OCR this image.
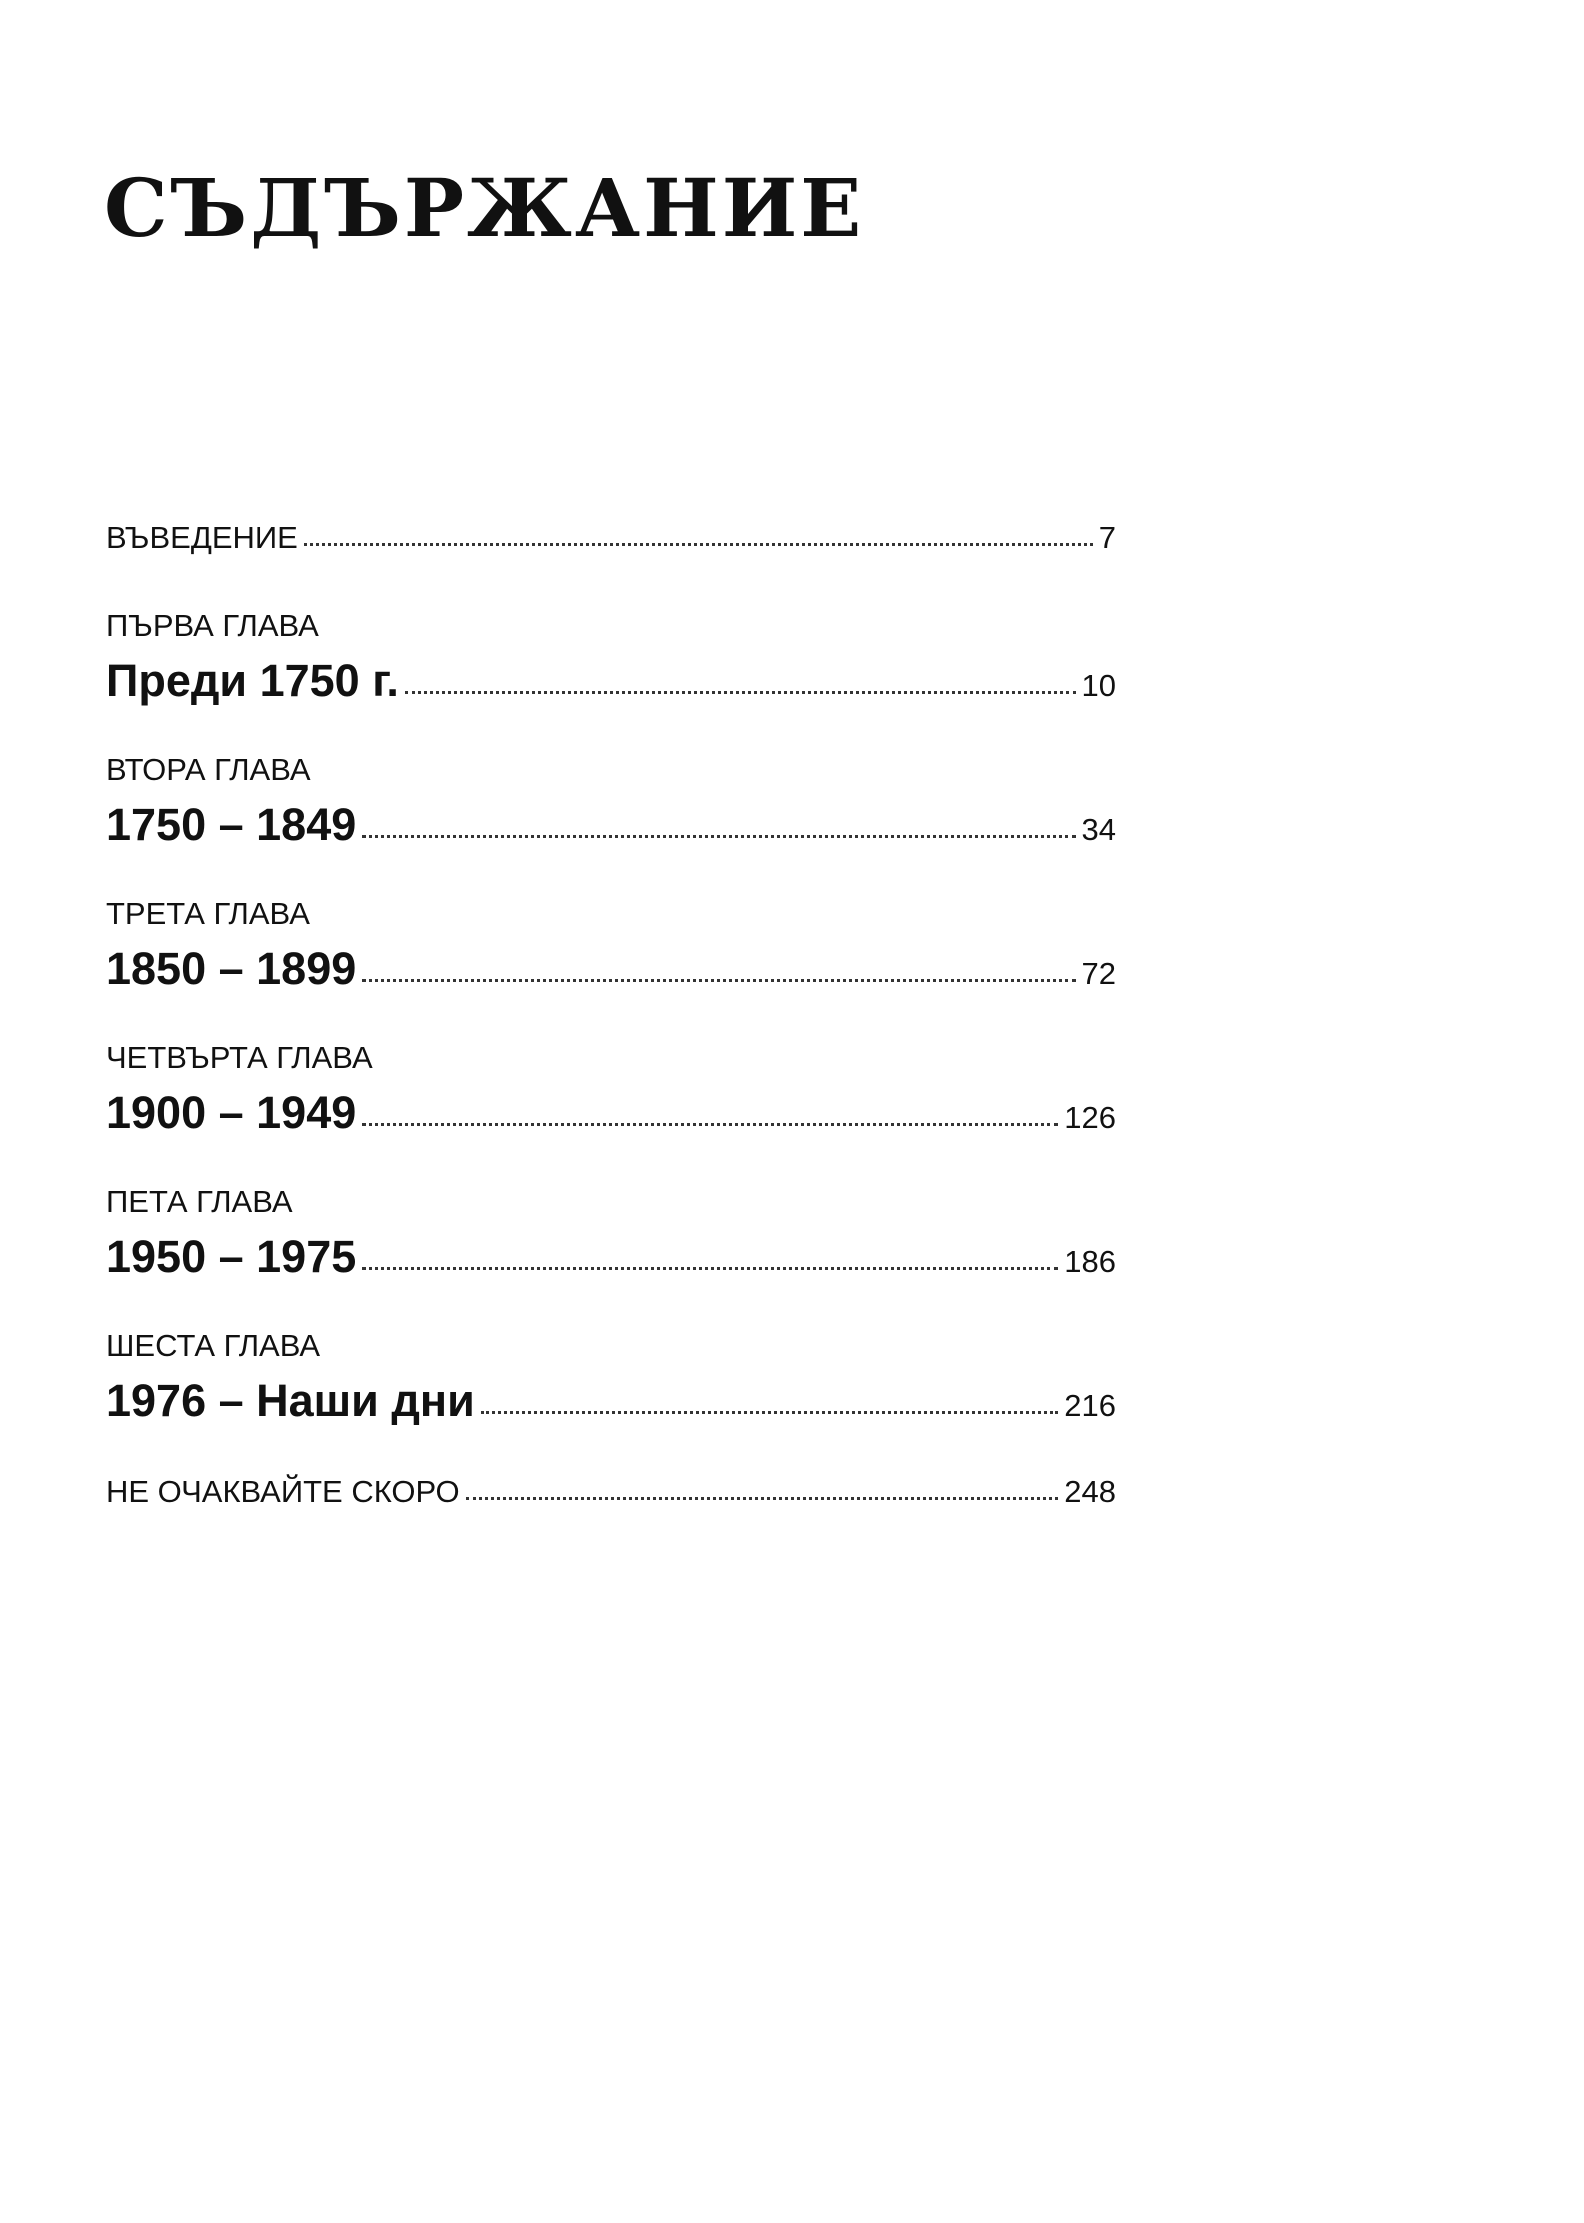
СЪДЪРЖАНИЕ
ВЪВЕДЕНИЕ	7
ПЪРВА ГЛАВА
Преди 1750 г.	10
ВТОРА ГЛАВА
1750 – 1849	34
ТРЕТА ГЛАВА
1850 – 1899	72
ЧЕТВЪРТА ГЛАВА
1900 – 1949	126
ПЕТА ГЛАВА
1950 – 1975	186
ШЕСТА ГЛАВА
1976 – Наши дни	216
НЕ ОЧАКВАЙТЕ СКОРО	248
